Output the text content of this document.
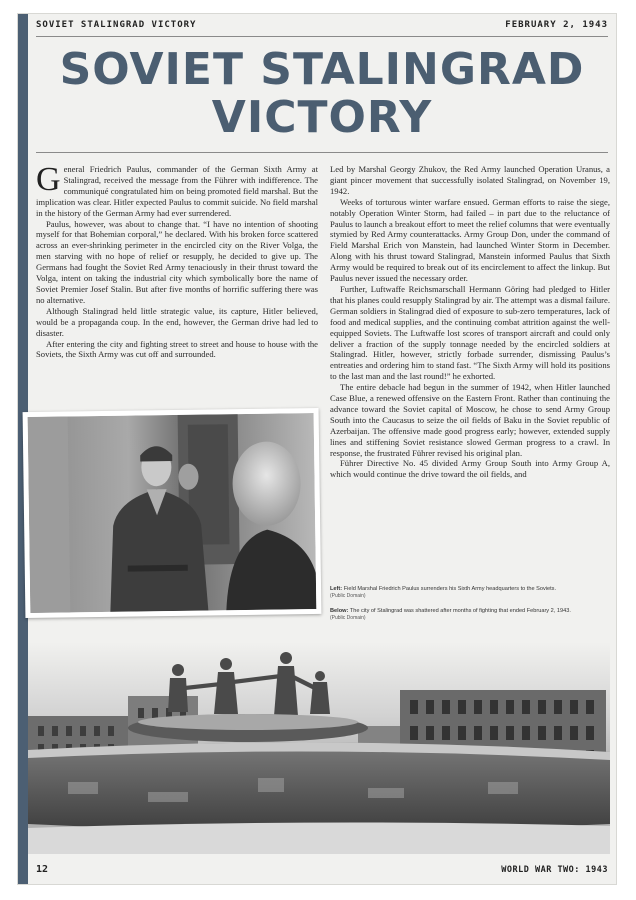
SOVIET STALINGRAD VICTORY	FEBRUARY 2, 1943
SOVIET STALINGRAD
VICTORY

General Friedrich Paulus, commander of the German Sixth Army at Stalingrad, received the message from the Führer with indifference. The communiqué congratulated him on being promoted field marshal. But the implication was clear. Hitler expected Paulus to commit suicide. No field marshal in the history of the German Army had ever surrendered.

Paulus, however, was about to change that. “I have no intention of shooting myself for that Bohemian corporal,” he declared. With his broken force scattered across an ever-shrinking perimeter in the encircled city on the River Volga, the men starving with no hope of relief or resupply, he decided to give up. The Germans had fought the Soviet Red Army tenaciously in their thrust toward the Volga, intent on taking the industrial city which symbolically bore the name of Soviet Premier Josef Stalin. But after five months of horrific suffering there was no alternative.

Although Stalingrad held little strategic value, its capture, Hitler believed, would be a propaganda coup. In the end, however, the German drive had led to disaster.

After entering the city and fighting street to street and house to house with the Soviets, the Sixth Army was cut off and surrounded.

Led by Marshal Georgy Zhukov, the Red Army launched Operation Uranus, a giant pincer movement that successfully isolated Stalingrad, on November 19, 1942.

Weeks of torturous winter warfare ensued. German efforts to raise the siege, notably Operation Winter Storm, had failed – in part due to the reluctance of Paulus to launch a breakout effort to meet the relief columns that were eventually stymied by Red Army counterattacks. Army Group Don, under the command of Field Marshal Erich von Manstein, had launched Winter Storm in December. Along with his thrust toward Stalingrad, Manstein informed Paulus that Sixth Army would be required to break out of its encirclement to affect the linkup. But Paulus never issued the necessary order.

Further, Luftwaffe Reichsmarschall Hermann Göring had pledged to Hitler that his planes could resupply Stalingrad by air. The attempt was a dismal failure. German soldiers in Stalingrad died of exposure to sub-zero temperatures, lack of food and medical supplies, and the continuing combat attrition against the well-equipped Soviets. The Luftwaffe lost scores of transport aircraft and could only deliver a fraction of the supply tonnage needed by the encircled soldiers at Stalingrad. Hitler, however, strictly forbade surrender, dismissing Paulus’s entreaties and ordering him to stand fast. “The Sixth Army will hold its positions to the last man and the last round!” he exhorted.

The entire debacle had begun in the summer of 1942, when Hitler launched Case Blue, a renewed offensive on the Eastern Front. Rather than continuing the advance toward the Soviet capital of Moscow, he chose to send Army Group South into the Caucasus to seize the oil fields of Baku in the Soviet republic of Azerbaijan. The offensive made good progress early; however, extended supply lines and stiffening Soviet resistance slowed German progress to a crawl. In response, the frustrated Führer revised his original plan.

Führer Directive No. 45 divided Army Group South into Army Group A, which would continue the drive toward the oil fields, and

Left: Field Marshal Friedrich Paulus surrenders his Sixth Army headquarters to the Soviets.
(Public Domain)
Below: The city of Stalingrad was shattered after months of fighting that ended February 2, 1943.
(Public Domain)
12	WORLD WAR TWO: 1943
